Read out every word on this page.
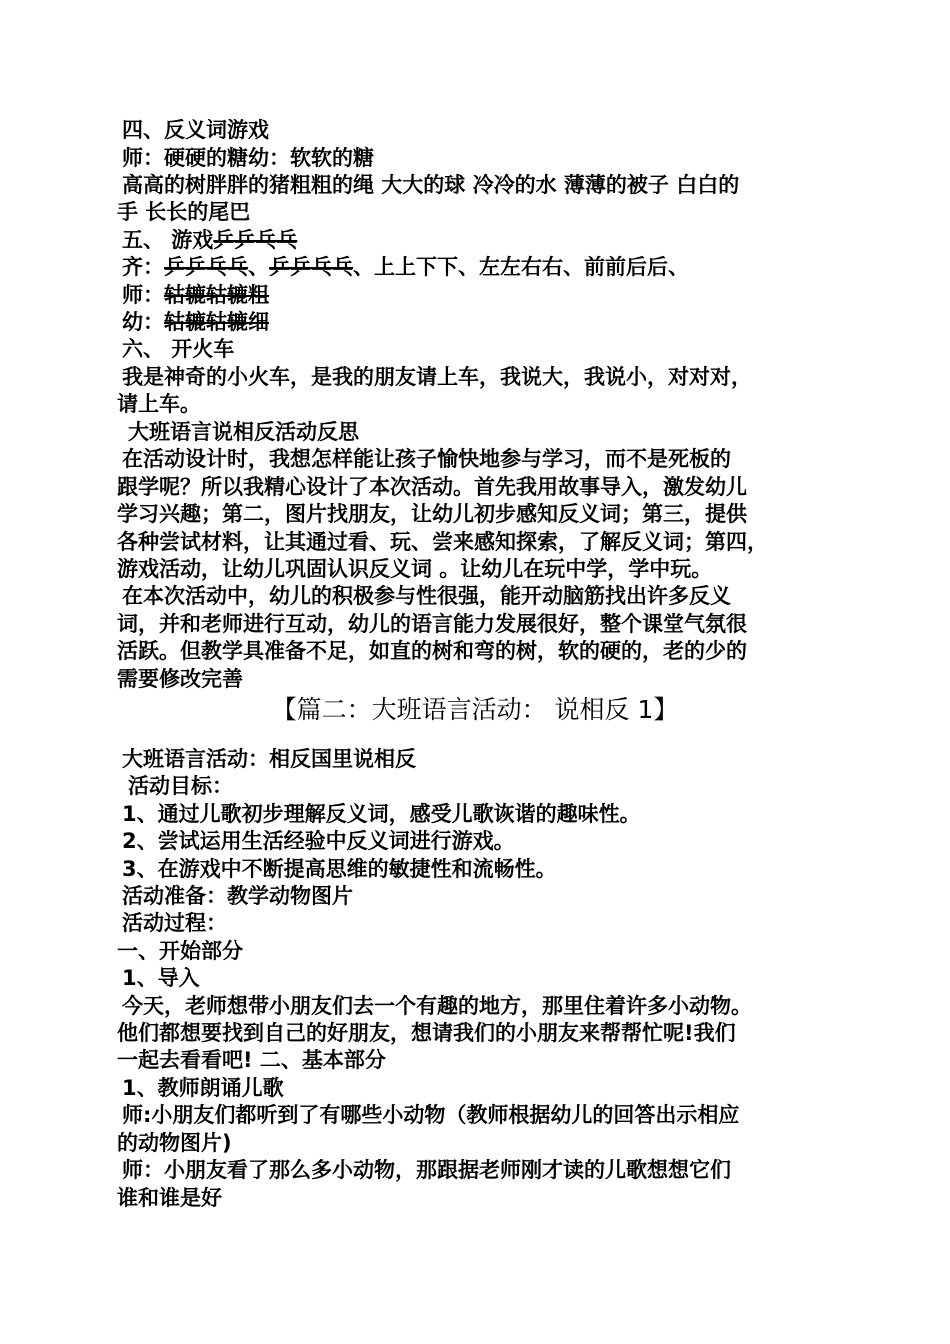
四、反义词游戏

师：硬硬的糖幼：软软的糖

高高的树胖胖的猪粗粗的绳 大大的球 冷冷的水 薄薄的被子 白白的

手 长长的尾巴

五、 游戏乒乒乓乓

齐：乒乒乓乓、乒乒乓乓、上上下下、左左右右、前前后后、

师：轱辘轱辘粗

幼：轱辘轱辘细

六、 开火车

我是神奇的小火车，是我的朋友请上车，我说大，我说小，对对对，

请上车。

大班语言说相反活动反思

在活动设计时，我想怎样能让孩子愉快地参与学习，而不是死板的

跟学呢？所以我精心设计了本次活动。首先我用故事导入，激发幼儿

学习兴趣；第二，图片找朋友，让幼儿初步感知反义词；第三，提供

各种尝试材料，让其通过看、玩、尝来感知探索，了解反义词；第四，

游戏活动，让幼儿巩固认识反义词 。让幼儿在玩中学，学中玩。

在本次活动中，幼儿的积极参与性很强，能开动脑筋找出许多反义

词，并和老师进行互动，幼儿的语言能力发展很好，整个课堂气氛很

活跃。但教学具准备不足，如直的树和弯的树，软的硬的，老的少的

需要修改完善

【篇二：大班语言活动： 说相反 1】

大班语言活动：相反国里说相反

活动目标：

1、通过儿歌初步理解反义词，感受儿歌诙谐的趣味性。

2、尝试运用生活经验中反义词进行游戏。

3、在游戏中不断提高思维的敏捷性和流畅性。

活动准备：教学动物图片

活动过程：

一、开始部分

1、导入

今天，老师想带小朋友们去一个有趣的地方，那里住着许多小动物。

他们都想要找到自己的好朋友，想请我们的小朋友来帮帮忙呢!我们

一起去看看吧! 二、基本部分

1、教师朗诵儿歌

师:小朋友们都听到了有哪些小动物（教师根据幼儿的回答出示相应

的动物图片)

师：小朋友看了那么多小动物，那跟据老师刚才读的儿歌想想它们

谁和谁是好
